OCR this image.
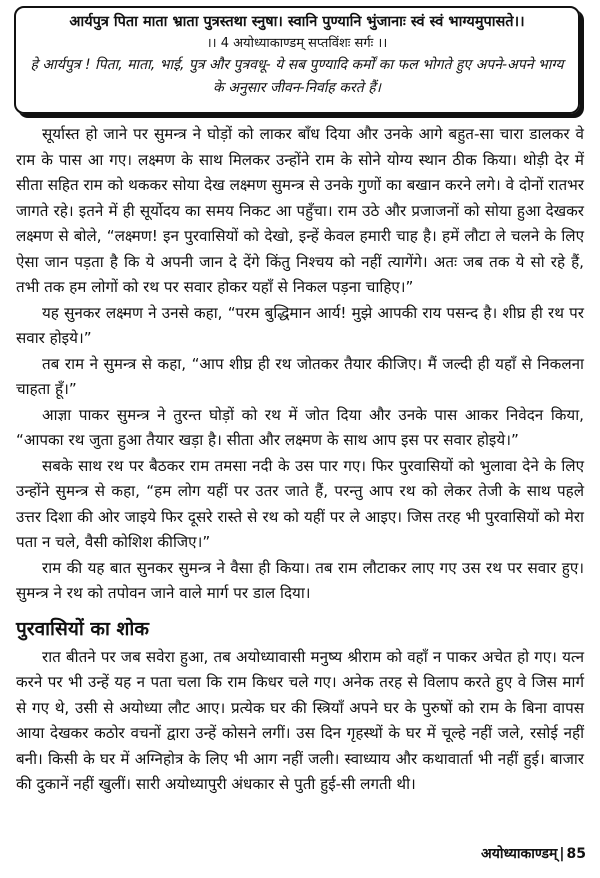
आर्यपुत्र पिता माता भ्राता पुत्रस्तथा स्नुषा। स्वानि पुण्यानि भुंजानाः स्वं स्वं भाग्यमुपासते।।
।। 4 अयोध्याकाण्डम् सप्तविंशः सर्गः ।।
हे आर्यपुत्र ! पिता, माता, भाई, पुत्र और पुत्रवधू- ये सब पुण्यादि कर्मों का फल भोगते हुए अपने-अपने भाग्य के अनुसार जीवन-निर्वाह करते हैं।

सूर्यास्त हो जाने पर सुमन्त्र ने घोड़ों को लाकर बाँध दिया और उनके आगे बहुत-सा चारा डालकर वे राम के पास आ गए। लक्ष्मण के साथ मिलकर उन्होंने राम के सोने योग्य स्थान ठीक किया। थोड़ी देर में सीता सहित राम को थककर सोया देख लक्ष्मण सुमन्त्र से उनके गुणों का बखान करने लगे। वे दोनों रातभर जागते रहे। इतने में ही सूर्योदय का समय निकट आ पहुँचा। राम उठे और प्रजाजनों को सोया हुआ देखकर लक्ष्मण से बोले, “लक्ष्मण! इन पुरवासियों को देखो, इन्हें केवल हमारी चाह है। हमें लौटा ले चलने के लिए ऐसा जान पड़ता है कि ये अपनी जान दे देंगे किंतु निश्चय को नहीं त्यागेंगे। अतः जब तक ये सो रहे हैं, तभी तक हम लोगों को रथ पर सवार होकर यहाँ से निकल पड़ना चाहिए।”

यह सुनकर लक्ष्मण ने उनसे कहा, “परम बुद्धिमान आर्य! मुझे आपकी राय पसन्द है। शीघ्र ही रथ पर सवार होइये।”

तब राम ने सुमन्त्र से कहा, “आप शीघ्र ही रथ जोतकर तैयार कीजिए। मैं जल्दी ही यहाँ से निकलना चाहता हूँ।”

आज्ञा पाकर सुमन्त्र ने तुरन्त घोड़ों को रथ में जोत दिया और उनके पास आकर निवेदन किया, “आपका रथ जुता हुआ तैयार खड़ा है। सीता और लक्ष्मण के साथ आप इस पर सवार होइये।”

सबके साथ रथ पर बैठकर राम तमसा नदी के उस पार गए। फिर पुरवासियों को भुलावा देने के लिए उन्होंने सुमन्त्र से कहा, “हम लोग यहीं पर उतर जाते हैं, परन्तु आप रथ को लेकर तेजी के साथ पहले उत्तर दिशा की ओर जाइये फिर दूसरे रास्ते से रथ को यहीं पर ले आइए। जिस तरह भी पुरवासियों को मेरा पता न चले, वैसी कोशिश कीजिए।”

राम की यह बात सुनकर सुमन्त्र ने वैसा ही किया। तब राम लौटाकर लाए गए उस रथ पर सवार हुए। सुमन्त्र ने रथ को तपोवन जाने वाले मार्ग पर डाल दिया।

पुरवासियों का शोक

रात बीतने पर जब सवेरा हुआ, तब अयोध्यावासी मनुष्य श्रीराम को वहाँ न पाकर अचेत हो गए। यत्न करने पर भी उन्हें यह न पता चला कि राम किधर चले गए। अनेक तरह से विलाप करते हुए वे जिस मार्ग से गए थे, उसी से अयोध्या लौट आए। प्रत्येक घर की स्त्रियाँ अपने घर के पुरुषों को राम के बिना वापस आया देखकर कठोर वचनों द्वारा उन्हें कोसने लगीं। उस दिन गृहस्थों के घर में चूल्हे नहीं जले, रसोई नहीं बनी। किसी के घर में अग्निहोत्र के लिए भी आग नहीं जली। स्वाध्याय और कथावार्ता भी नहीं हुई। बाजार की दुकानें नहीं खुलीं। सारी अयोध्यापुरी अंधकार से पुती हुई-सी लगती थी।

अयोध्याकाण्डम् | 85
